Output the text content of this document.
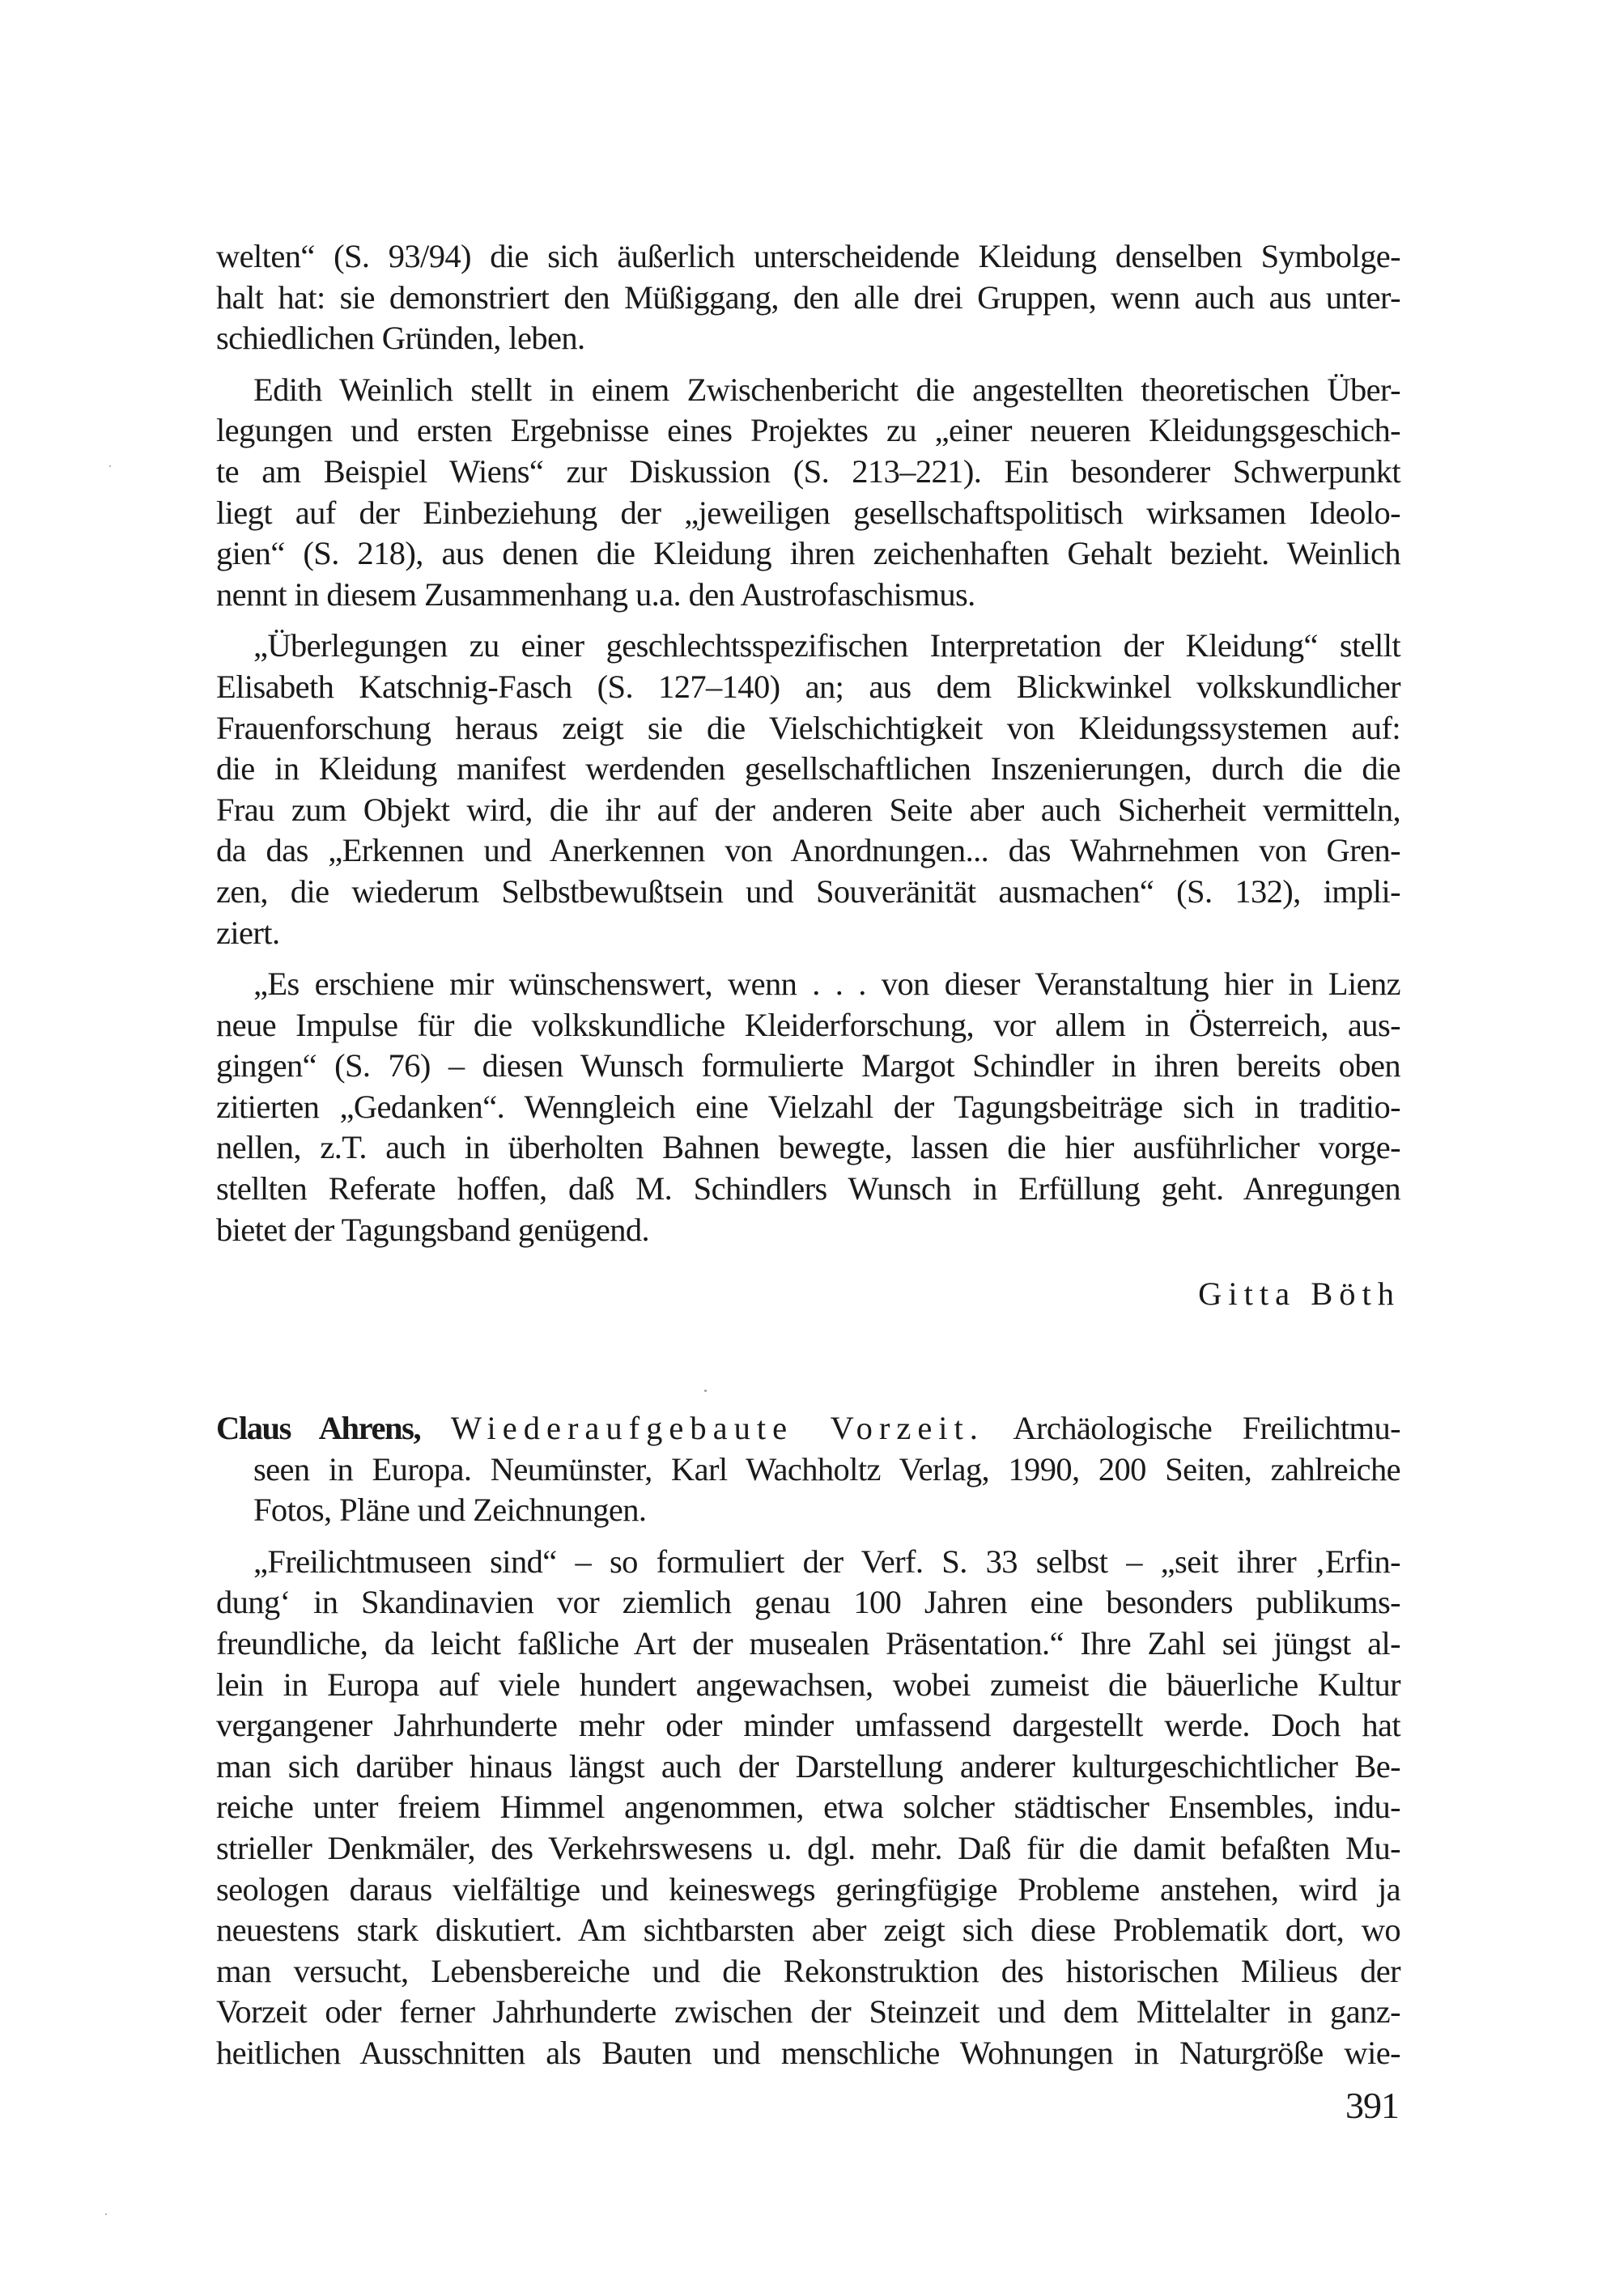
welten“ (S. 93/94) die sich äußerlich unterscheidende Kleidung denselben Symbolge-
halt hat: sie demonstriert den Müßiggang, den alle drei Gruppen, wenn auch aus unter-
schiedlichen Gründen, leben.

Edith Weinlich stellt in einem Zwischenbericht die angestellten theoretischen Über-
legungen und ersten Ergebnisse eines Projektes zu „einer neueren Kleidungsgeschich-
te am Beispiel Wiens“ zur Diskussion (S. 213–221). Ein besonderer Schwerpunkt
liegt auf der Einbeziehung der „jeweiligen gesellschaftspolitisch wirksamen Ideolo-
gien“ (S. 218), aus denen die Kleidung ihren zeichenhaften Gehalt bezieht. Weinlich
nennt in diesem Zusammenhang u.a. den Austrofaschismus.

„Überlegungen zu einer geschlechtsspezifischen Interpretation der Kleidung“ stellt
Elisabeth Katschnig-Fasch (S. 127–140) an; aus dem Blickwinkel volkskundlicher
Frauenforschung heraus zeigt sie die Vielschichtigkeit von Kleidungssystemen auf:
die in Kleidung manifest werdenden gesellschaftlichen Inszenierungen, durch die die
Frau zum Objekt wird, die ihr auf der anderen Seite aber auch Sicherheit vermitteln,
da das „Erkennen und Anerkennen von Anordnungen... das Wahrnehmen von Gren-
zen, die wiederum Selbstbewußtsein und Souveränität ausmachen“ (S. 132), impli-
ziert.

„Es erschiene mir wünschenswert, wenn . . . von dieser Veranstaltung hier in Lienz
neue Impulse für die volkskundliche Kleiderforschung, vor allem in Österreich, aus-
gingen“ (S. 76) – diesen Wunsch formulierte Margot Schindler in ihren bereits oben
zitierten „Gedanken“. Wenngleich eine Vielzahl der Tagungsbeiträge sich in traditio-
nellen, z.T. auch in überholten Bahnen bewegte, lassen die hier ausführlicher vorge-
stellten Referate hoffen, daß M. Schindlers Wunsch in Erfüllung geht. Anregungen
bietet der Tagungsband genügend.

Gitta Böth

Claus Ahrens, Wiederaufgebaute Vorzeit. Archäologische Freilichtmu-
seen in Europa. Neumünster, Karl Wachholtz Verlag, 1990, 200 Seiten, zahlreiche
Fotos, Pläne und Zeichnungen.

„Freilichtmuseen sind“ – so formuliert der Verf. S. 33 selbst – „seit ihrer ‚Erfin-
dung‘ in Skandinavien vor ziemlich genau 100 Jahren eine besonders publikums-
freundliche, da leicht faßliche Art der musealen Präsentation.“ Ihre Zahl sei jüngst al-
lein in Europa auf viele hundert angewachsen, wobei zumeist die bäuerliche Kultur
vergangener Jahrhunderte mehr oder minder umfassend dargestellt werde. Doch hat
man sich darüber hinaus längst auch der Darstellung anderer kulturgeschichtlicher Be-
reiche unter freiem Himmel angenommen, etwa solcher städtischer Ensembles, indu-
strieller Denkmäler, des Verkehrswesens u. dgl. mehr. Daß für die damit befaßten Mu-
seologen daraus vielfältige und keineswegs geringfügige Probleme anstehen, wird ja
neuestens stark diskutiert. Am sichtbarsten aber zeigt sich diese Problematik dort, wo
man versucht, Lebensbereiche und die Rekonstruktion des historischen Milieus der
Vorzeit oder ferner Jahrhunderte zwischen der Steinzeit und dem Mittelalter in ganz-
heitlichen Ausschnitten als Bauten und menschliche Wohnungen in Naturgröße wie-

391
